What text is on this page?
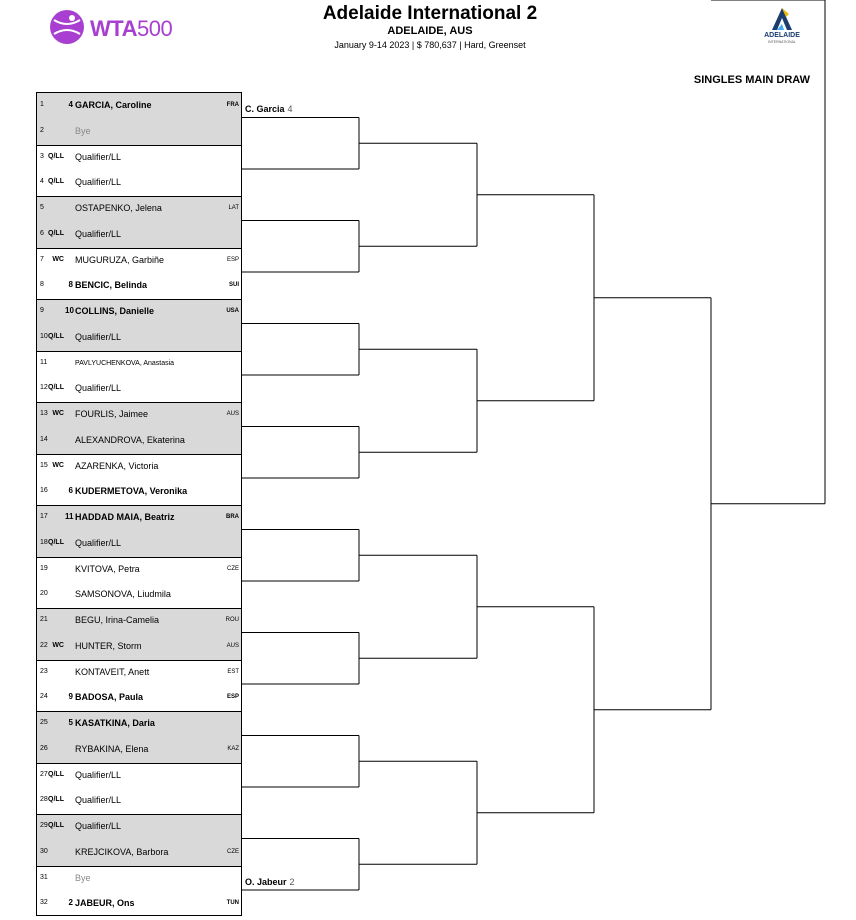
WTA500
Adelaide International 2
ADELAIDE, AUS
January 9-14 2023 | $ 780,637 | Hard, Greenset
ADELAIDE
INTERNATIONAL
SINGLES MAIN DRAW
1	4 GARCIA, Caroline	FRA
2	Bye
3 Q/LL Qualifier/LL
4 Q/LL Qualifier/LL
5	OSTAPENKO, Jelena	LAT
6 Q/LL Qualifier/LL
7	WC MUGURUZA, Garbiñe	ESP
8	8 BENCIC, Belinda	SUI
9	10 COLLINS, Danielle	USA
10 Q/LL Qualifier/LL
11	PAVLYUCHENKOVA, Anastasia
12 Q/LL Qualifier/LL
13 WC FOURLIS, Jaimee	AUS
14	ALEXANDROVA, Ekaterina
15 WC AZARENKA, Victoria
16	6 KUDERMETOVA, Veronika
17 11 HADDAD MAIA, Beatriz	BRA
18 Q/LL Qualifier/LL
19	KVITOVA, Petra	CZE
20	SAMSONOVA, Liudmila
21	BEGU, Irina-Camelia	ROU
22 WC HUNTER, Storm	AUS
23	KONTAVEIT, Anett	EST
24	9 BADOSA, Paula	ESP
25	5 KASATKINA, Daria
26	RYBAKINA, Elena	KAZ
27 Q/LL Qualifier/LL
28 Q/LL Qualifier/LL
29 Q/LL Qualifier/LL
30	KREJCIKOVA, Barbora	CZE
31	Bye
32	2 JABEUR, Ons	TUN
C. Garcia 4
O. Jabeur 2
